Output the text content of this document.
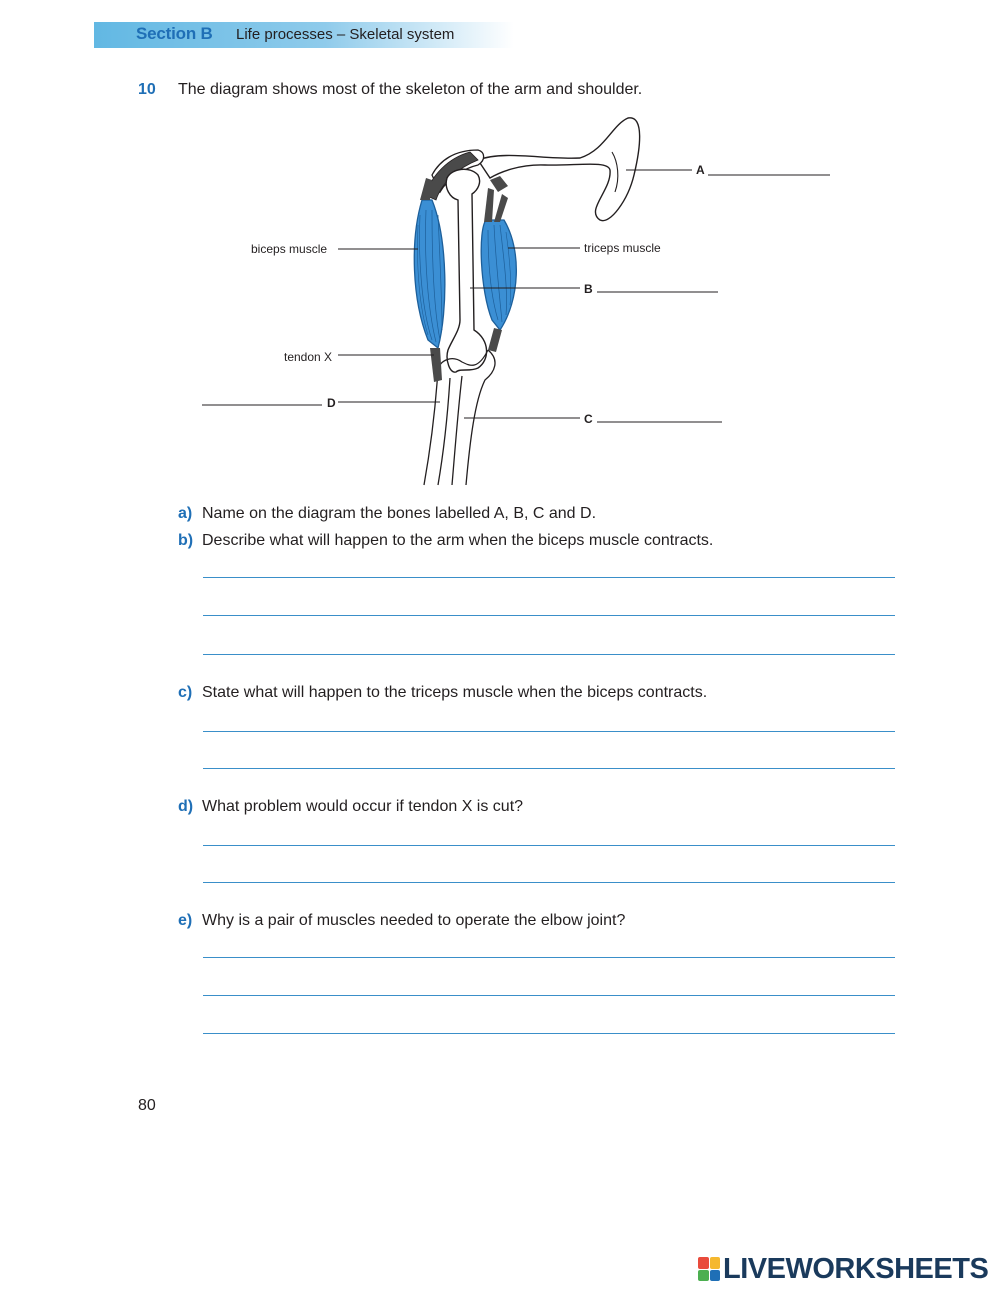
Section B Life processes – Skeletal system
10 The diagram shows most of the skeleton of the arm and shoulder.
A
biceps muscle	triceps muscle
B
tendon X
D
C
a) Name on the diagram the bones labelled A, B, C and D.
b) Describe what will happen to the arm when the biceps muscle contracts.
c) State what will happen to the triceps muscle when the biceps contracts.
d) What problem would occur if tendon X is cut?
e) Why is a pair of muscles needed to operate the elbow joint?
80
LIVEWORKSHEETS
